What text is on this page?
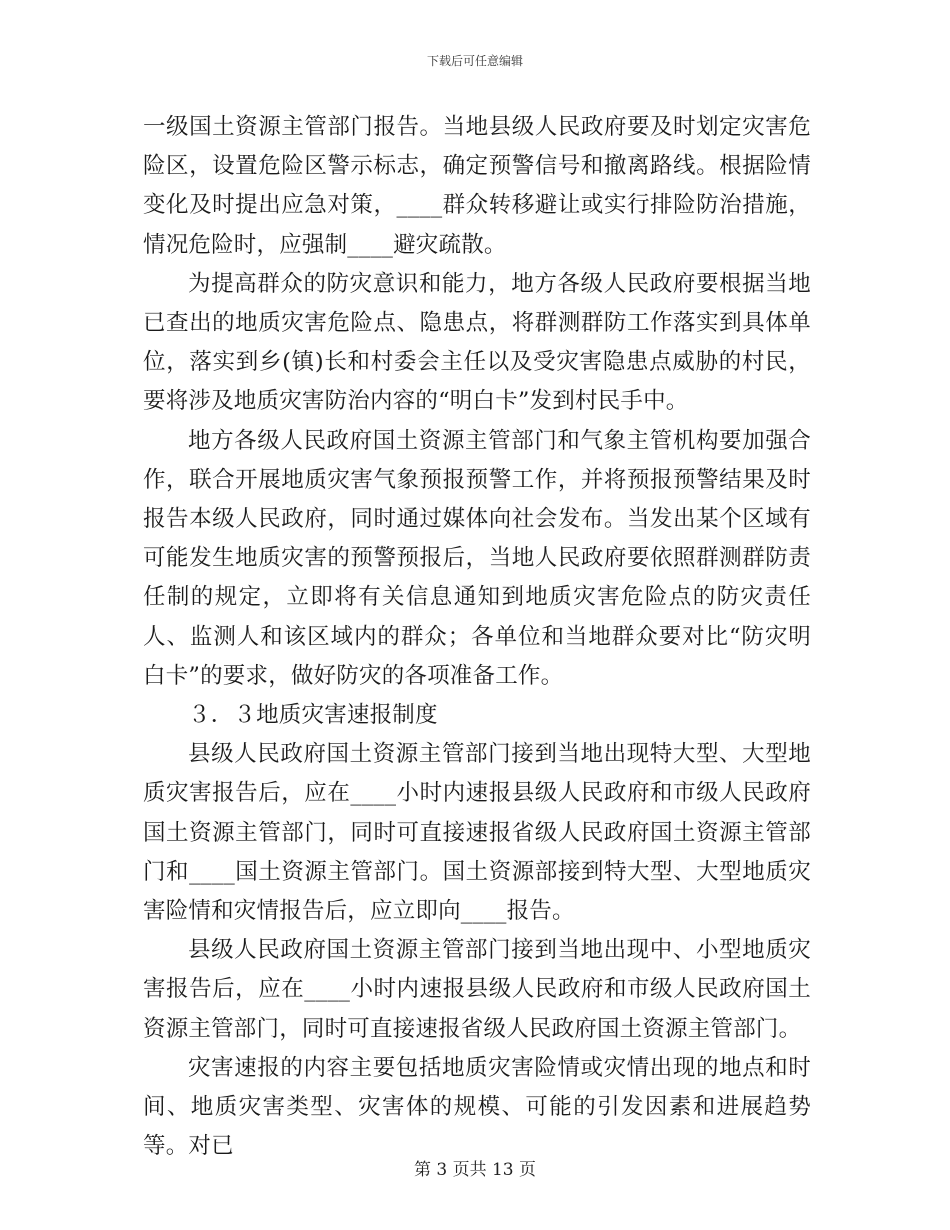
下载后可任意编辑

一级国土资源主管部门报告。当地县级人民政府要及时划定灾害危险区，设置危险区警示标志，确定预警信号和撤离路线。根据险情变化及时提出应急对策，____群众转移避让或实行排险防治措施，情况危险时，应强制____避灾疏散。

为提高群众的防灾意识和能力，地方各级人民政府要根据当地已查出的地质灾害危险点、隐患点，将群测群防工作落实到具体单位，落实到乡(镇)长和村委会主任以及受灾害隐患点威胁的村民，要将涉及地质灾害防治内容的“明白卡”发到村民手中。

地方各级人民政府国土资源主管部门和气象主管机构要加强合作，联合开展地质灾害气象预报预警工作，并将预报预警结果及时报告本级人民政府，同时通过媒体向社会发布。当发出某个区域有可能发生地质灾害的预警预报后，当地人民政府要依照群测群防责任制的规定，立即将有关信息通知到地质灾害危险点的防灾责任人、监测人和该区域内的群众；各单位和当地群众要对比“防灾明白卡”的要求，做好防灾的各项准备工作。

３．３地质灾害速报制度

县级人民政府国土资源主管部门接到当地出现特大型、大型地质灾害报告后，应在____小时内速报县级人民政府和市级人民政府国土资源主管部门，同时可直接速报省级人民政府国土资源主管部门和____国土资源主管部门。国土资源部接到特大型、大型地质灾害险情和灾情报告后，应立即向____报告。

县级人民政府国土资源主管部门接到当地出现中、小型地质灾害报告后，应在____小时内速报县级人民政府和市级人民政府国土资源主管部门，同时可直接速报省级人民政府国土资源主管部门。

灾害速报的内容主要包括地质灾害险情或灾情出现的地点和时间、地质灾害类型、灾害体的规模、可能的引发因素和进展趋势等。对已

第 3 页共 13 页
